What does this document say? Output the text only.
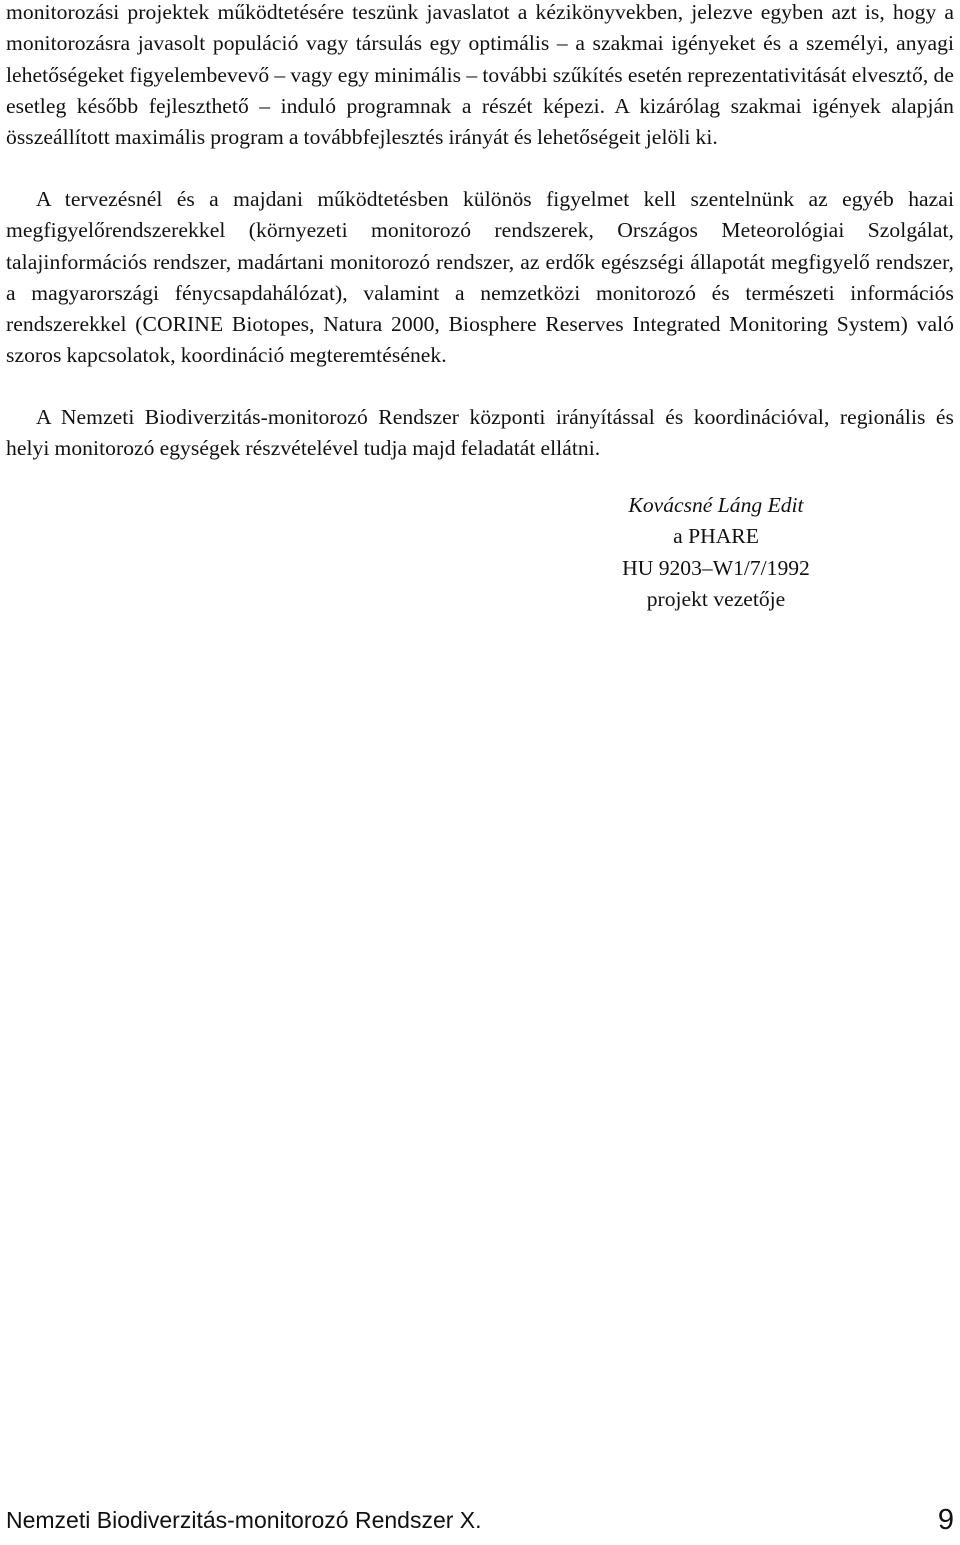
monitorozási projektek működtetésére teszünk javaslatot a kézikönyvekben, jelezve egyben azt is, hogy a monitorozásra javasolt populáció vagy társulás egy optimális – a szakmai igényeket és a személyi, anyagi lehetőségeket figyelembevevő – vagy egy minimális – további szűkítés esetén reprezentativitását elvesztő, de esetleg később fejleszthető – induló programnak a részét képezi. A kizárólag szakmai igények alapján összeállított maximális program a továbbfejlesztés irányát és lehetőségeit jelöli ki.

A tervezésnél és a majdani működtetésben különös figyelmet kell szentelnünk az egyéb hazai megfigyelőrendszerekkel (környezeti monitorozó rendszerek, Országos Meteorológiai Szolgálat, talajinformációs rendszer, madártani monitorozó rendszer, az erdők egészségi állapotát megfigyelő rendszer, a magyarországi fénycsapdahálózat), valamint a nemzetközi monitorozó és természeti információs rendszerekkel (CORINE Biotopes, Natura 2000, Biosphere Reserves Integrated Monitoring System) való szoros kapcsolatok, koordináció megteremtésének.

A Nemzeti Biodiverzitás-monitorozó Rendszer központi irányítással és koordinációval, regionális és helyi monitorozó egységek részvételével tudja majd feladatát ellátni.

Kovácsné Láng Edit
a PHARE
HU 9203–W1/7/1992
projekt vezetője
Nemzeti Biodiverzitás-monitorozó Rendszer X.	9
